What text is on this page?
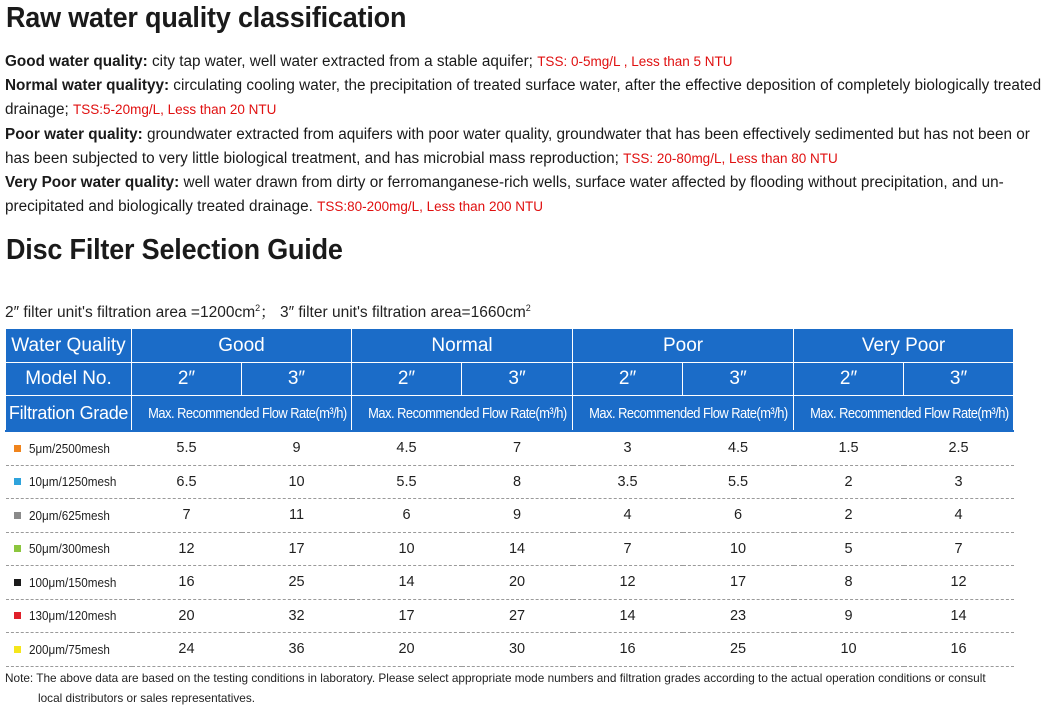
Raw water quality classification

Good water quality: city tap water, well water extracted from a stable aquifer; TSS: 0-5mg/L , Less than 5 NTU

Normal water qualityy: circulating cooling water, the precipitation of treated surface water, after the effective deposition of completely biologically treated drainage; TSS:5-20mg/L, Less than 20 NTU

Poor water quality: groundwater extracted from aquifers with poor water quality, groundwater that has been effectively sedimented but has not been or has been subjected to very little biological treatment, and has microbial mass reproduction; TSS: 20-80mg/L, Less than 80 NTU

Very Poor water quality: well water drawn from dirty or ferromanganese-rich wells, surface water affected by flooding without precipitation, and un-precipitated and biologically treated drainage. TSS:80-200mg/L, Less than 200 NTU

Disc Filter Selection Guide
2″ filter unit's filtration area $=1200cm^2$； 3″ filter unit's filtration $area=1660cm^2$
Water Quality	Good		Normal		Poor		Very Poor	
Model No.	2″	3″	2″	3″	2″	3″	2″	3″
Filtration Grade	Max. Recommended Flow Rate(m³/h)		Max. Recommended Flow Rate(m³/h)		Max. Recommended Flow Rate(m³/h)		Max. Recommended Flow Rate(m³/h)	
5μm/2500mesh	5.5	9	4.5	7	3	4.5	1.5	2.5
10μm/1250mesh	6.5	10	5.5	8	3.5	5.5	2	3
20μm/625mesh	7	11	6	9	4	6	2	4
50μm/300mesh	12	17	10	14	7	10	5	7
100μm/150mesh	16	25	14	20	12	17	8	12
130μm/120mesh	20	32	17	27	14	23	9	14
200μm/75mesh	24	36	20	30	16	25	10	16
Note: The above data are based on the testing conditions in laboratory. Please select appropriate mode numbers and filtration grades according to the actual operation conditions or consult
local distributors or sales representatives.
